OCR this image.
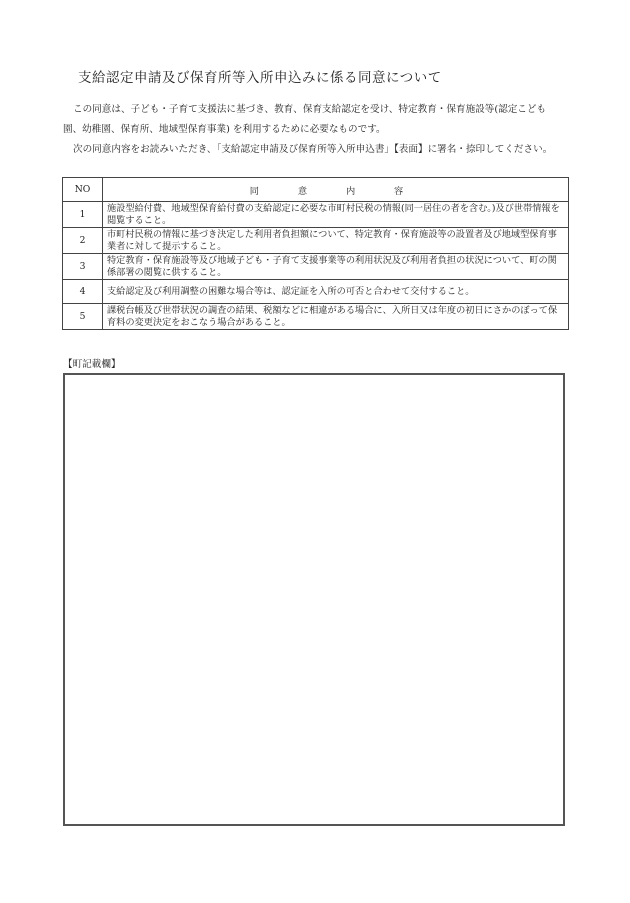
支給認定申請及び保育所等入所申込みに係る同意について
この同意は、子ども・子育て支援法に基づき、教育、保育支給認定を受け、特定教育・保育施設等(認定こども
園、幼稚園、保育所、地域型保育事業) を利用するために必要なものです。
次の同意内容をお読みいただき、「支給認定申請及び保育所等入所申込書」【表面】に署名・捺印してください。
NO	同 意 内 容
1	施設型給付費、地域型保育給付費の支給認定に必要な市町村民税の情報(同一居住の者を含む。)及び世帯情報を閲覧すること。
2	市町村民税の情報に基づき決定した利用者負担額について、特定教育・保育施設等の設置者及び地域型保育事業者に対して提示すること。
3	特定教育・保育施設等及び地域子ども・子育て支援事業等の利用状況及び利用者負担の状況について、町の関係部署の閲覧に供すること。
4	支給認定及び利用調整の困難な場合等は、認定証を入所の可否と合わせて交付すること。
5	課税台帳及び世帯状況の調査の結果、税額などに相違がある場合に、入所日又は年度の初日にさかのぼって保育料の変更決定をおこなう場合があること。
【町記載欄】
